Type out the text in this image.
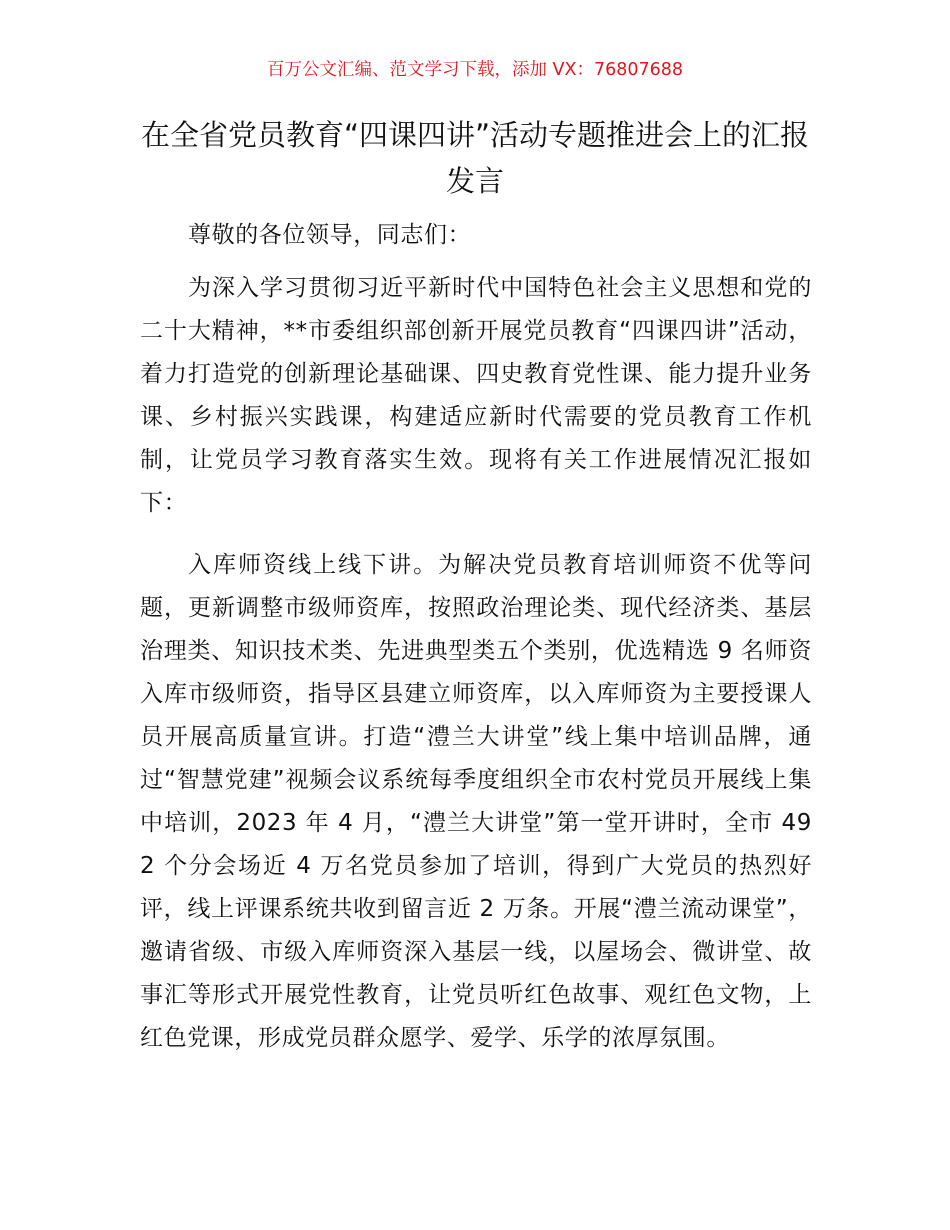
百万公文汇编、范文学习下载，添加 VX：76807688
在全省党员教育“四课四讲”活动专题推进会上的汇报发言

尊敬的各位领导，同志们：

为深入学习贯彻习近平新时代中国特色社会主义思想和党的二十大精神，**市委组织部创新开展党员教育“四课四讲”活动，着力打造党的创新理论基础课、四史教育党性课、能力提升业务课、乡村振兴实践课，构建适应新时代需要的党员教育工作机制，让党员学习教育落实生效。现将有关工作进展情况汇报如下：

入库师资线上线下讲。为解决党员教育培训师资不优等问题，更新调整市级师资库，按照政治理论类、现代经济类、基层治理类、知识技术类、先进典型类五个类别，优选精选 9 名师资入库市级师资，指导区县建立师资库，以入库师资为主要授课人员开展高质量宣讲。打造“澧兰大讲堂”线上集中培训品牌，通过“智慧党建”视频会议系统每季度组织全市农村党员开展线上集中培训，2023 年 4 月，“澧兰大讲堂”第一堂开讲时，全市 492 个分会场近 4 万名党员参加了培训，得到广大党员的热烈好评，线上评课系统共收到留言近 2 万条。开展“澧兰流动课堂”，邀请省级、市级入库师资深入基层一线，以屋场会、微讲堂、故事汇等形式开展党性教育，让党员听红色故事、观红色文物，上红色党课，形成党员群众愿学、爱学、乐学的浓厚氛围。
